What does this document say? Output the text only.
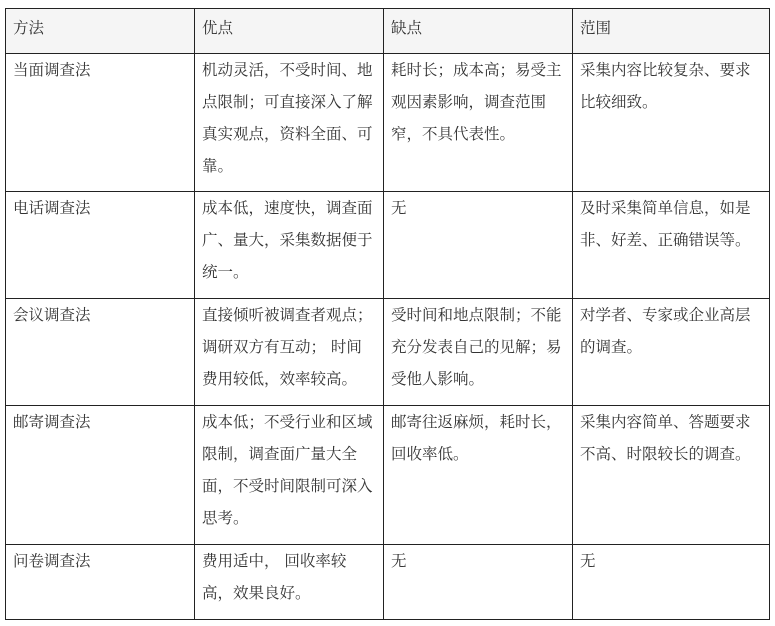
方法	优点	缺点	范围

当面调查法	机动灵活，不受时间、地点限制；可直接深入了解真实观点，资料全面、可靠。	耗时长；成本高；易受主观因素影响，调查范围窄，不具代表性。	采集内容比较复杂、要求比较细致。

电话调查法	成本低，速度快，调查面广、量大，采集数据便于统一。	无	及时采集简单信息，如是非、好差、正确错误等。

会议调查法	直接倾听被调查者观点；调研双方有互动； 时间费用较低，效率较高。	受时间和地点限制；不能充分发表自己的见解；易受他人影响。	对学者、专家或企业高层的调查。

邮寄调查法	成本低；不受行业和区域限制，调查面广量大全面，不受时间限制可深入思考。	邮寄往返麻烦，耗时长，回收率低。	采集内容简单、答题要求不高、时限较长的调查。

问卷调查法	费用适中， 回收率较高，效果良好。	无	无
